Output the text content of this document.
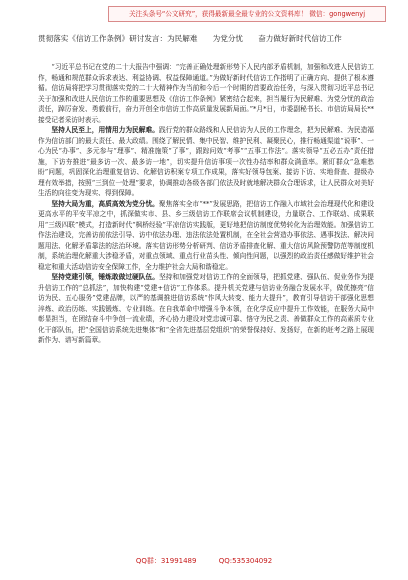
关注头条号“公文研究”，获得最新最全最专业的公文资料库！ 微信：gongwenyj
贯彻落实《信访工作条例》研讨发言：为民解难　　为党分忧　　奋力做好新时代信访工作

“习近平总书记在党的二十大报告中强调：“完善正确处理新形势下人民内部矛盾机制，加强和改进人民信访工作，畅通和规范群众诉求表达、利益协调、权益保障通道。”为做好新时代信访工作指明了正确方向、提供了根本遵循。信访局将把学习贯彻落实党的二十大精神作为当前和今后一个时期的首要政治任务，与深入贯彻习近平总书记关于加强和改进人民信访工作的重要思想及《信访工作条例》紧密结合起来，担当履行为民解难、为党分忧的政治责任，踔厉奋发、勇毅前行，奋力开创全市信访工作高质量发展新局面。”*月*日，市委副秘书长、市信访局局长**接受记者采访时表示。

坚持人民至上，用情用力为民解难。践行党的群众路线和人民信访为人民的工作理念，把为民解难、为民造福作为信访部门的最大责任、最大政绩。围绕了解民情、集中民智、维护民利、凝聚民心，推行畅通渠道“说事”、一心为民“办事”、多元参与“理事”、精准施策“了事”，跟踪问效“考事”“五事工作法”。落实领导“五必五办”责任措施，下访夯推进“最多访一次、最多访一地”，切实提升信访事项一次性办结率和群众满意率。紧盯群众“急难愁盼”问题，巩固深化治理重复信访、化解信访积案专项工作成果，落实好领导包案、接访下访、实地督查、提级办理有效举措，按照“三到位一处理”要求，协调推动各级各部门依法及时就地解决群众合理诉求，让人民群众对美好生活的向往变为现实、得到保障。

坚持大局为重，高质高效为党分忧。聚焦落实全市“**”发展思路，把信访工作融入市域社会治理现代化和建设更高水平的平安平凉之中，抓深做实市、县、乡三级信访工作联席会议机制建设，力量联合、工作联动、成果联用“三级四联”模式，打造新时代“枫桥经验”平凉信访实践版，更好地把信访制度优势转化为治理效能。加强信访工作法治建设，完善访前依法引导、访中依法办理、违法依法处置机制，在全社会营造办事依法、遇事找法、解决问题用法、化解矛盾靠法的法治环境。落实信访形势分析研判、信访矛盾排查化解、重大信访风险预警防范等制度机制，系统治理化解重大涉稳矛盾，对重点领域、重点行业苗头性、倾向性问题，以强烈的政治责任感做好维护社会稳定和重大活动信访安全保障工作，全力维护社会大局和谐稳定。

坚持党建引领，锤炼敢做过硬队伍。坚持和加强党对信访工作的全面领导，把抓党建、强队伍、促业务作为提升信访工作的“总抓法”，加快构建“党建+信访”工作体系。提升机关党建与信访业务融合发展水平，做优擦亮“信访为民、五心服务”党建品牌，以严的基调推进信访系统“作风大转变、能力大提升”，教育引导信访干部强化思想淬炼、政治历练、实践锻炼、专业训练。在自我革命中增强斗争本领，在化学反应中提升工作效能，在服务大局中彰显担当，在团结奋斗中争创一流业绩，齐心协力建设对党忠诚可靠、恪守为民之责、善做群众工作的高素质专业化干部队伍，把“全国信访系统先进集体”和“全省先进基层党组织”的荣誉保持好、发扬好，在新的赶考之路上展现新作为、谱写新篇章。

QQ群：31991489	QQ:535304092
